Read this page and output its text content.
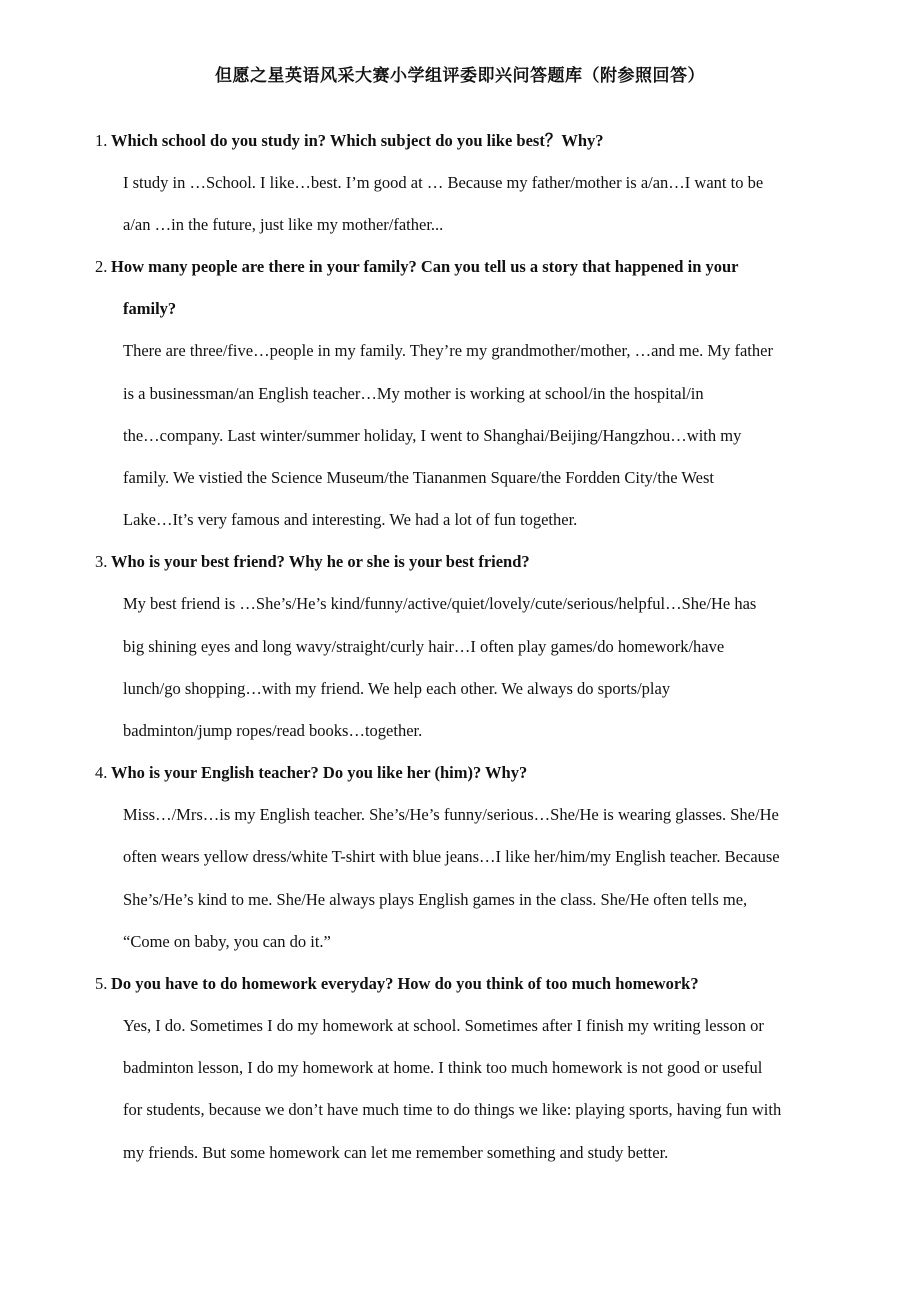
但愿之星英语风采大赛小学组评委即兴问答题库（附参照回答）
1. Which school do you study in? Which subject do you like best？Why?
I study in …School. I like…best. I’m good at … Because my father/mother is a/an…I want to be
a/an …in the future, just like my mother/father...
2. How many people are there in your family? Can you tell us a story that happened in your
family?
There are three/five…people in my family. They’re my grandmother/mother, …and me. My father
is a businessman/an English teacher…My mother is working at school/in the hospital/in
the…company. Last winter/summer holiday, I went to Shanghai/Beijing/Hangzhou…with my
family. We vistied the Science Museum/the Tiananmen Square/the Fordden City/the West
Lake…It’s very famous and interesting. We had a lot of fun together.
3. Who is your best friend? Why he or she is your best friend?
My best friend is …She’s/He’s kind/funny/active/quiet/lovely/cute/serious/helpful…She/He has
big shining eyes and long wavy/straight/curly hair…I often play games/do homework/have
lunch/go shopping…with my friend. We help each other. We always do sports/play
badminton/jump ropes/read books…together.
4. Who is your English teacher? Do you like her (him)? Why?
Miss…/Mrs…is my English teacher. She’s/He’s funny/serious…She/He is wearing glasses. She/He
often wears yellow dress/white T-shirt with blue jeans…I like her/him/my English teacher. Because
She’s/He’s kind to me. She/He always plays English games in the class. She/He often tells me,
“Come on baby, you can do it.”
5. Do you have to do homework everyday? How do you think of too much homework?
Yes, I do. Sometimes I do my homework at school. Sometimes after I finish my writing lesson or
badminton lesson, I do my homework at home. I think too much homework is not good or useful
for students, because we don’t have much time to do things we like: playing sports, having fun with
my friends. But some homework can let me remember something and study better.
